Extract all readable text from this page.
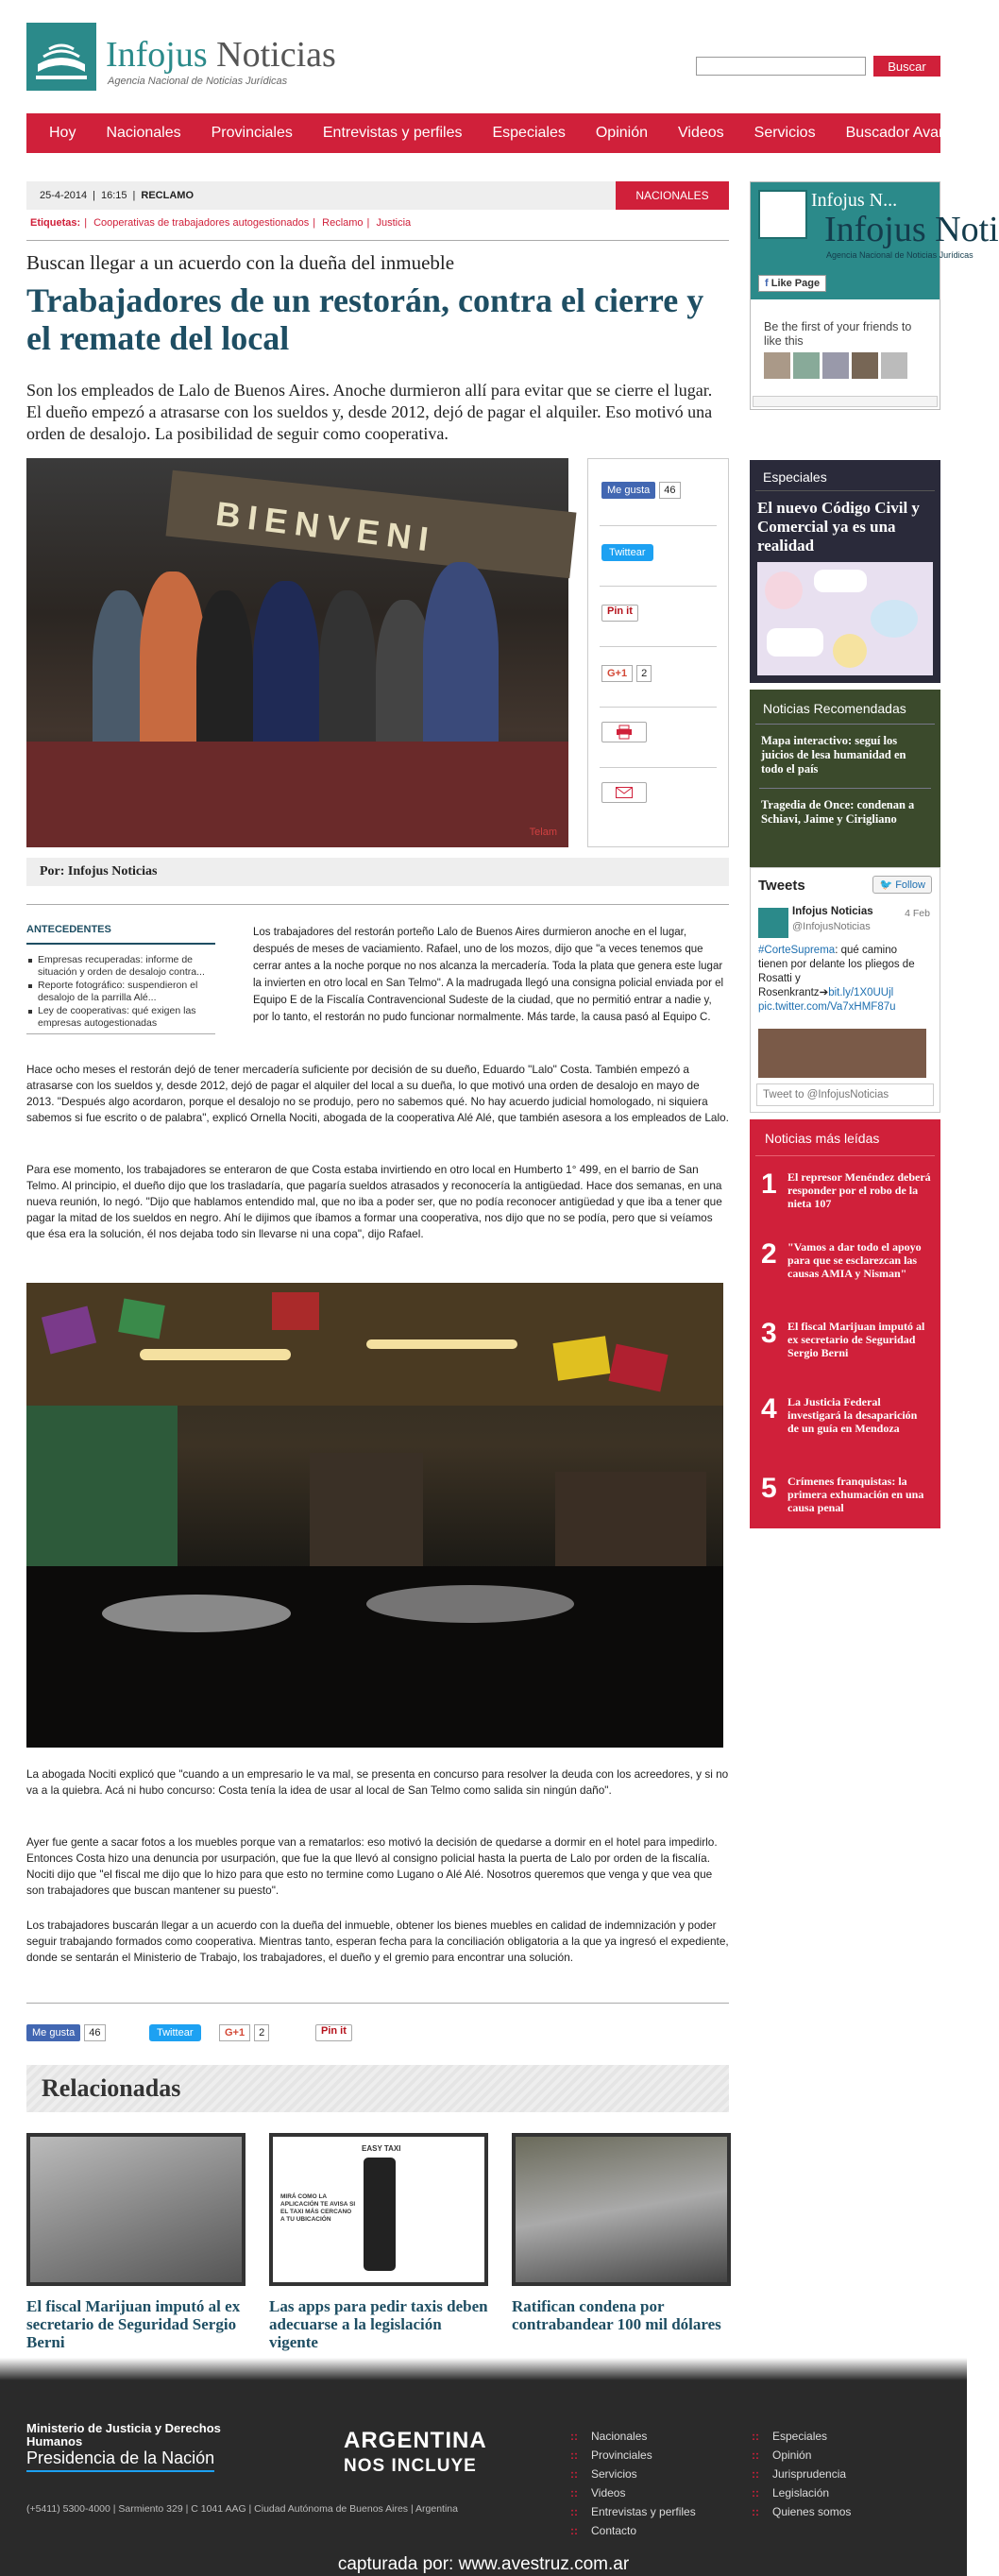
Infojus Noticias
Agencia Nacional de Noticias Jurídicas
Buscar
Hoy	Nacionales	Provinciales	Entrevistas y perfiles	Especiales	Opinión	Videos	Servicios	Buscador Avanzado
25-4-2014 | 16:15 | RECLAMO	NACIONALES
Etiquetas: | Cooperativas de trabajadores autogestionados | Reclamo | Justicia
Buscan llegar a un acuerdo con la dueña del inmueble
Trabajadores de un restorán, contra el cierre y el remate del local
Son los empleados de Lalo de Buenos Aires. Anoche durmieron allí para evitar que se cierre el lugar. El dueño empezó a atrasarse con los sueldos y, desde 2012, dejó de pagar el alquiler. Eso motivó una orden de desalojo. La posibilidad de seguir como cooperativa.
BIENVENI
Telam
Me gusta	46
Twittear
Pin it
G+1	2
Por: Infojus Noticias
ANTECEDENTES
Empresas recuperadas: informe de situación y orden de desalojo contra...
Reporte fotográfico: suspendieron el desalojo de la parrilla Alé...
Ley de cooperativas: qué exigen las empresas autogestionadas
Los trabajadores del restorán porteño Lalo de Buenos Aires durmieron anoche en el lugar, después de meses de vaciamiento. Rafael, uno de los mozos, dijo que "a veces tenemos que cerrar antes a la noche porque no nos alcanza la mercadería. Toda la plata que genera este lugar la invierten en otro local en San Telmo". A la madrugada llegó una consigna policial enviada por el Equipo E de la Fiscalía Contravencional Sudeste de la ciudad, que no permitió entrar a nadie y, por lo tanto, el restorán no pudo funcionar normalmente. Más tarde, la causa pasó al Equipo C.
Hace ocho meses el restorán dejó de tener mercadería suficiente por decisión de su dueño, Eduardo "Lalo" Costa. También empezó a atrasarse con los sueldos y, desde 2012, dejó de pagar el alquiler del local a su dueña, lo que motivó una orden de desalojo en mayo de 2013. "Después algo acordaron, porque el desalojo no se produjo, pero no sabemos qué. No hay acuerdo judicial homologado, ni siquiera sabemos si fue escrito o de palabra", explicó Ornella Nociti, abogada de la cooperativa Alé Alé, que también asesora a los empleados de Lalo.
Para ese momento, los trabajadores se enteraron de que Costa estaba invirtiendo en otro local en Humberto 1° 499, en el barrio de San Telmo. Al principio, el dueño dijo que los trasladaría, que pagaría sueldos atrasados y reconocería la antigüedad. Hace dos semanas, en una nueva reunión, lo negó. "Dijo que hablamos entendido mal, que no iba a poder ser, que no podía reconocer antigüedad y que iba a tener que pagar la mitad de los sueldos en negro. Ahí le dijimos que íbamos a formar una cooperativa, nos dijo que no se podía, pero que si veíamos que ésa era la solución, él nos dejaba todo sin llevarse ni una copa", dijo Rafael.
La abogada Nociti explicó que "cuando a un empresario le va mal, se presenta en concurso para resolver la deuda con los acreedores, y si no va a la quiebra. Acá ni hubo concurso: Costa tenía la idea de usar al local de San Telmo como salida sin ningún daño".
Ayer fue gente a sacar fotos a los muebles porque van a rematarlos: eso motivó la decisión de quedarse a dormir en el hotel para impedirlo. Entonces Costa hizo una denuncia por usurpación, que fue la que llevó al consigno policial hasta la puerta de Lalo por orden de la fiscalía. Nociti dijo que "el fiscal me dijo que lo hizo para que esto no termine como Lugano o Alé Alé. Nosotros queremos que venga y que vea que son trabajadores que buscan mantener su puesto".
Los trabajadores buscarán llegar a un acuerdo con la dueña del inmueble, obtener los bienes muebles en calidad de indemnización y poder seguir trabajando formados como cooperativa. Mientras tanto, esperan fecha para la conciliación obligatoria a la que ya ingresó el expediente, donde se sentarán el Ministerio de Trabajo, los trabajadores, el dueño y el gremio para encontrar una solución.
Me gusta	46	Twittear	G+1	2	Pin it
Relacionadas
El fiscal Marijuan imputó al ex secretario de Seguridad Sergio Berni
EASY TAXI
MIRÁ COMO LA APLICACIÓN TE AVISA SI EL TAXI MÁS CERCANO A TU UBICACIÓN
Las apps para pedir taxis deben adecuarse a la legislación vigente
Ratifican condena por contrabandear 100 mil dólares
Infojus N...
Infojus Noti
Agencia Nacional de Noticias Jurídicas
f Like Page
Be the first of your friends to like this
Especiales
El nuevo Código Civil y Comercial ya es una realidad
Noticias Recomendadas
Mapa interactivo: seguí los juicios de lesa humanidad en todo el país
Tragedia de Once: condenan a Schiavi, Jaime y Cirigliano
Tweets	🐦 Follow
Infojus Noticias
@InfojusNoticias
4 Feb
#CorteSuprema: qué camino tienen por delante los pliegos de Rosatti y Rosenkrantz➔bit.ly/1X0UUjl pic.twitter.com/Va7xHMF87u
Tweet to @InfojusNoticias
Noticias más leídas
1 El represor Menéndez deberá responder por el robo de la nieta 107
2 "Vamos a dar todo el apoyo para que se esclarezcan las causas AMIA y Nisman"
3 El fiscal Marijuan imputó al ex secretario de Seguridad Sergio Berni
4 La Justicia Federal investigará la desaparición de un guía en Mendoza
5 Crímenes franquistas: la primera exhumación en una causa penal
Ministerio de Justicia y Derechos Humanos
Presidencia de la Nación
(+5411) 5300-4000 | Sarmiento 329 | C 1041 AAG | Ciudad Autónoma de Buenos Aires | Argentina
ARGENTINA
NOS INCLUYE
:: Nacionales
:: Provinciales
:: Servicios
:: Videos
:: Entrevistas y perfiles
:: Contacto
:: Especiales
:: Opinión
:: Jurisprudencia
:: Legislación
:: Quienes somos
capturada por: www.avestruz.com.ar
